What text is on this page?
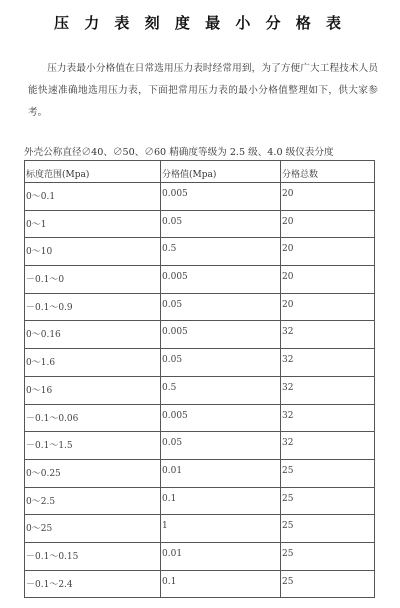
压 力 表 刻 度 最 小 分 格 表

压力表最小分格值在日常选用压力表时经常用到，为了方便广大工程技术人员能快速准确地选用压力表，下面把常用压力表的最小分格值整理如下，供大家参考。

外壳公称直径∅40、∅50、∅60 精确度等级为 2.5 级、4.0 级仪表分度
标度范围(Mpa)	分格值(Mpa)	分格总数
0～0.1	0.005	20
0～1	0.05	20
0～10	0.5	20
－0.1～0	0.005	20
－0.1～0.9	0.05	20
0～0.16	0.005	32
0～1.6	0.05	32
0～16	0.5	32
－0.1～0.06	0.005	32
－0.1～1.5	0.05	32
0～0.25	0.01	25
0～2.5	0.1	25
0～25	1	25
－0.1～0.15	0.01	25
－0.1～2.4	0.1	25
